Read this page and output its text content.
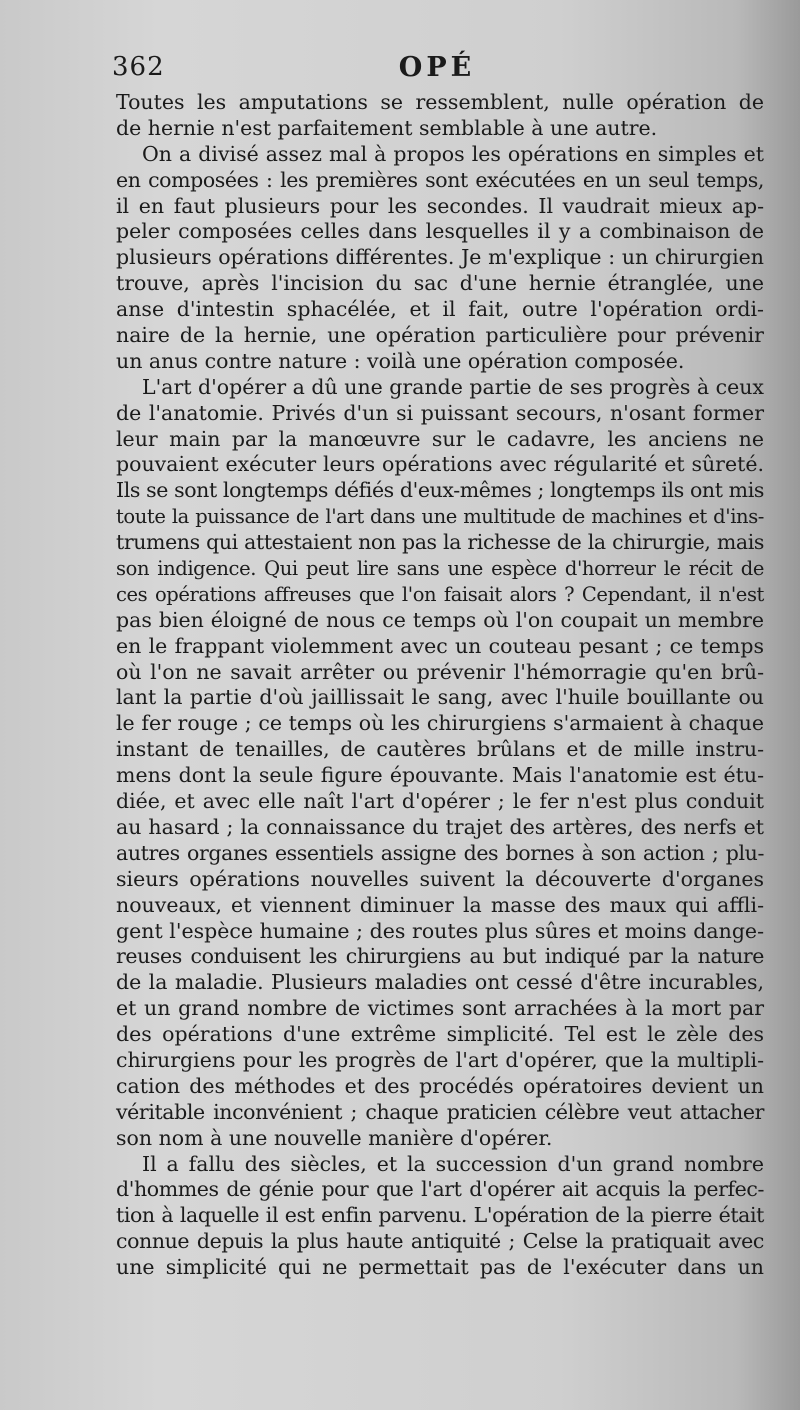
362	OPÉ
Toutes les amputations se ressemblent, nulle opération de
de hernie n'est parfaitement semblable à une autre.
On a divisé assez mal à propos les opérations en simples et
en composées : les premières sont exécutées en un seul temps,
il en faut plusieurs pour les secondes. Il vaudrait mieux ap-
peler composées celles dans lesquelles il y a combinaison de
plusieurs opérations différentes. Je m'explique : un chirurgien
trouve, après l'incision du sac d'une hernie étranglée, une
anse d'intestin sphacélée, et il fait, outre l'opération ordi-
naire de la hernie, une opération particulière pour prévenir
un anus contre nature : voilà une opération composée.
L'art d'opérer a dû une grande partie de ses progrès à ceux
de l'anatomie. Privés d'un si puissant secours, n'osant former
leur main par la manœuvre sur le cadavre, les anciens ne
pouvaient exécuter leurs opérations avec régularité et sûreté.
Ils se sont longtemps défiés d'eux-mêmes ; longtemps ils ont mis
toute la puissance de l'art dans une multitude de machines et d'ins-
trumens qui attestaient non pas la richesse de la chirurgie, mais
son indigence. Qui peut lire sans une espèce d'horreur le récit de
ces opérations affreuses que l'on faisait alors ? Cependant, il n'est
pas bien éloigné de nous ce temps où l'on coupait un membre
en le frappant violemment avec un couteau pesant ; ce temps
où l'on ne savait arrêter ou prévenir l'hémorragie qu'en brû-
lant la partie d'où jaillissait le sang, avec l'huile bouillante ou
le fer rouge ; ce temps où les chirurgiens s'armaient à chaque
instant de tenailles, de cautères brûlans et de mille instru-
mens dont la seule figure épouvante. Mais l'anatomie est étu-
diée, et avec elle naît l'art d'opérer ; le fer n'est plus conduit
au hasard ; la connaissance du trajet des artères, des nerfs et
autres organes essentiels assigne des bornes à son action ; plu-
sieurs opérations nouvelles suivent la découverte d'organes
nouveaux, et viennent diminuer la masse des maux qui affli-
gent l'espèce humaine ; des routes plus sûres et moins dange-
reuses conduisent les chirurgiens au but indiqué par la nature
de la maladie. Plusieurs maladies ont cessé d'être incurables,
et un grand nombre de victimes sont arrachées à la mort par
des opérations d'une extrême simplicité. Tel est le zèle des
chirurgiens pour les progrès de l'art d'opérer, que la multipli-
cation des méthodes et des procédés opératoires devient un
véritable inconvénient ; chaque praticien célèbre veut attacher
son nom à une nouvelle manière d'opérer.
Il a fallu des siècles, et la succession d'un grand nombre
d'hommes de génie pour que l'art d'opérer ait acquis la perfec-
tion à laquelle il est enfin parvenu. L'opération de la pierre était
connue depuis la plus haute antiquité ; Celse la pratiquait avec
une simplicité qui ne permettait pas de l'exécuter dans un
